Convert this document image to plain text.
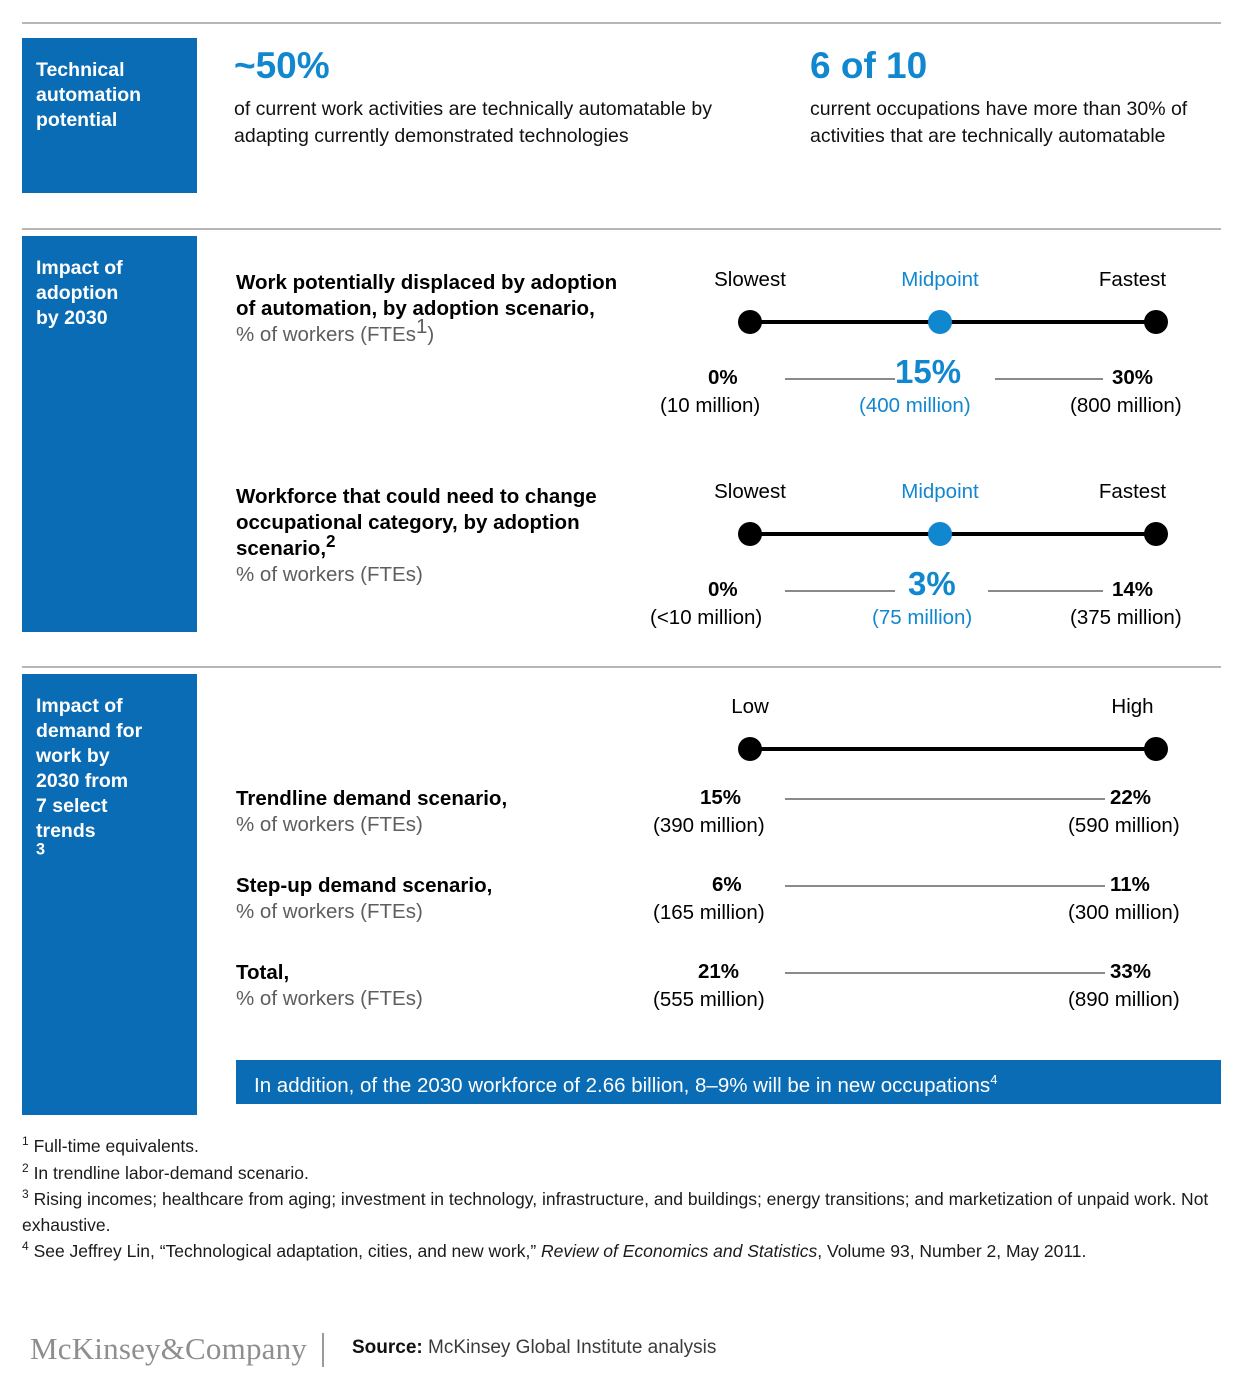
Technical
automation
potential
~50%
of current work activities are technically automatable by adapting currently demonstrated technologies
6 of 10
current occupations have more than 30% of activities that are technically automatable
Impact of
adoption
by 2030
Work potentially displaced by adoption of automation, by adoption scenario,
% of workers (FTEs$^1$)
Slowest	Midpoint	Fastest
0%	15%	30%
(10 million)	(400 million)	(800 million)
Workforce that could need to change occupational category, by adoption scenario,$^2$
% of workers (FTEs)
Slowest	Midpoint	Fastest
0%	3%	14%
(<10 million)	(75 million)	(375 million)
Impact of
demand for
work by
2030 from
7 select
trends
$^3$
Low	High
Trendline demand scenario,
% of workers (FTEs)
15%	22%
(390 million)	(590 million)
Step-up demand scenario,
% of workers (FTEs)
6%	11%
(165 million)	(300 million)
Total,
% of workers (FTEs)
21%	33%
(555 million)	(890 million)
In addition, of the 2030 workforce of 2.66 billion, 8–9% will be in new occupations$^4$
$^1$ Full-time equivalents.
$^2$ In trendline labor-demand scenario.
$^3$ Rising incomes; healthcare from aging; investment in technology, infrastructure, and buildings; energy transitions; and marketization of unpaid work. Not exhaustive.
$^4$ See Jeffrey Lin, “Technological adaptation, cities, and new work,” Review of Economics and Statistics, Volume 93, Number 2, May 2011.
McKinsey&Company Source: McKinsey Global Institute analysis
